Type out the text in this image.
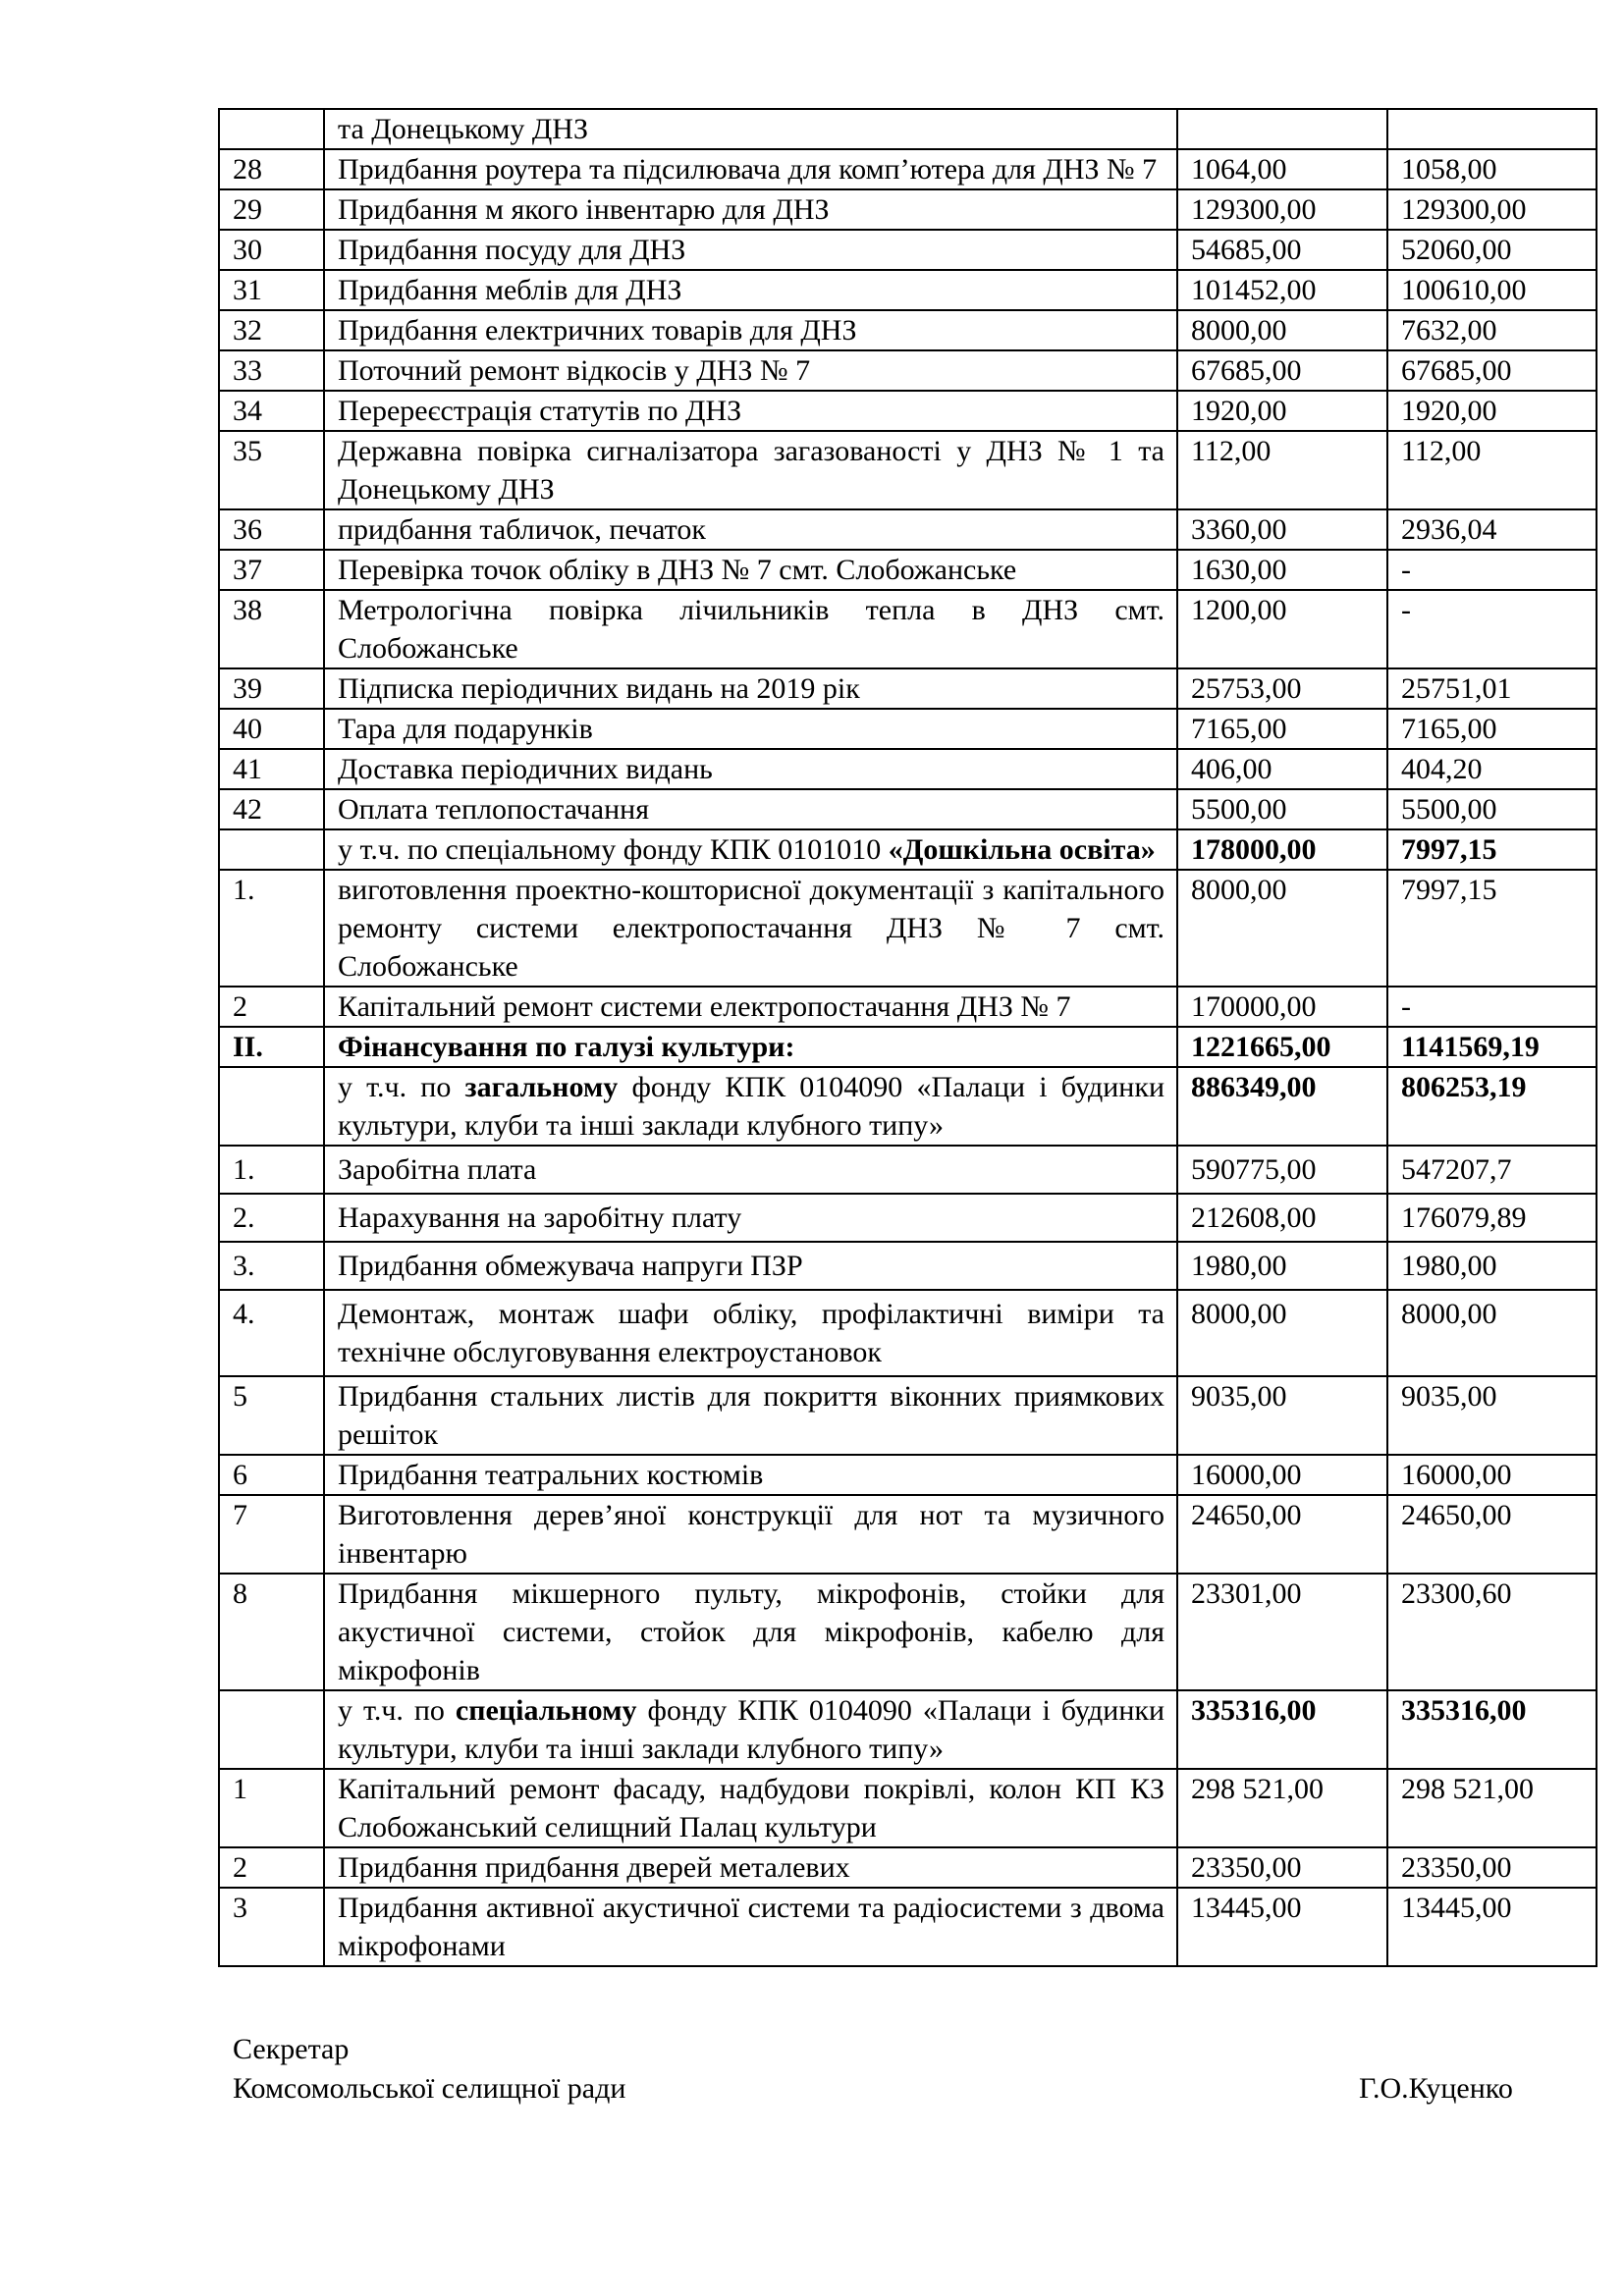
	та Донецькому ДНЗ		
28	Придбання роутера та підсилювача для комп’ютера для ДНЗ № 7	1064,00	1058,00
29	Придбання м якого інвентарю для ДНЗ	129300,00	129300,00
30	Придбання посуду для ДНЗ	54685,00	52060,00
31	Придбання меблів для ДНЗ	101452,00	100610,00
32	Придбання електричних товарів для ДНЗ	8000,00	7632,00
33	Поточний ремонт відкосів у ДНЗ № 7	67685,00	67685,00
34	Перереєстрація статутів по ДНЗ	1920,00	1920,00
35	Державна повірка сигналізатора загазованості у ДНЗ № 1 та Донецькому ДНЗ	112,00	112,00
36	придбання табличок, печаток	3360,00	2936,04
37	Перевірка точок обліку в ДНЗ № 7 смт. Слобожанське	1630,00	-
38	Метрологічна повірка лічильників тепла в ДНЗ смт. Слобожанське	1200,00	-
39	Підписка періодичних видань на 2019 рік	25753,00	25751,01
40	Тара для подарунків	7165,00	7165,00
41	Доставка періодичних видань	406,00	404,20
42	Оплата теплопостачання	5500,00	5500,00
	у т.ч. по спеціальному фонду КПК 0101010 «Дошкільна освіта»	178000,00	7997,15
1.	виготовлення проектно-кошторисної документації з капітального ремонту системи електропостачання ДНЗ № 7 смт. Слобожанське	8000,00	7997,15
2	Капітальний ремонт системи електропостачання ДНЗ № 7	170000,00	-
II.	Фінансування по галузі культури:	1221665,00	1141569,19
	у т.ч. по загальному фонду КПК 0104090 «Палаци і будинки культури, клуби та інші заклади клубного типу»	886349,00	806253,19
1.	Заробітна плата	590775,00	547207,7
2.	Нарахування на заробітну плату	212608,00	176079,89
3.	Придбання обмежувача напруги ПЗР	1980,00	1980,00
4.	Демонтаж, монтаж шафи обліку, профілактичні виміри та технічне обслуговування електроустановок	8000,00	8000,00
5	Придбання стальних листів для покриття віконних приямкових решіток	9035,00	9035,00
6	Придбання театральних костюмів	16000,00	16000,00
7	Виготовлення дерев’яної конструкції для нот та музичного інвентарю	24650,00	24650,00
8	Придбання мікшерного пульту, мікрофонів, стойки для акустичної системи, стойок для мікрофонів, кабелю для мікрофонів	23301,00	23300,60
	у т.ч. по спеціальному фонду КПК 0104090 «Палаци і будинки культури, клуби та інші заклади клубного типу»	335316,00	335316,00
1	Капітальний ремонт фасаду, надбудови покрівлі, колон КП КЗ Слобожанський селищний Палац культури	298 521,00	298 521,00
2	Придбання придбання дверей металевих	23350,00	23350,00
3	Придбання активної акустичної системи та радіосистеми з двома мікрофонами	13445,00	13445,00
Секретар
Комсомольської селищної ради	Г.О.Куценко
